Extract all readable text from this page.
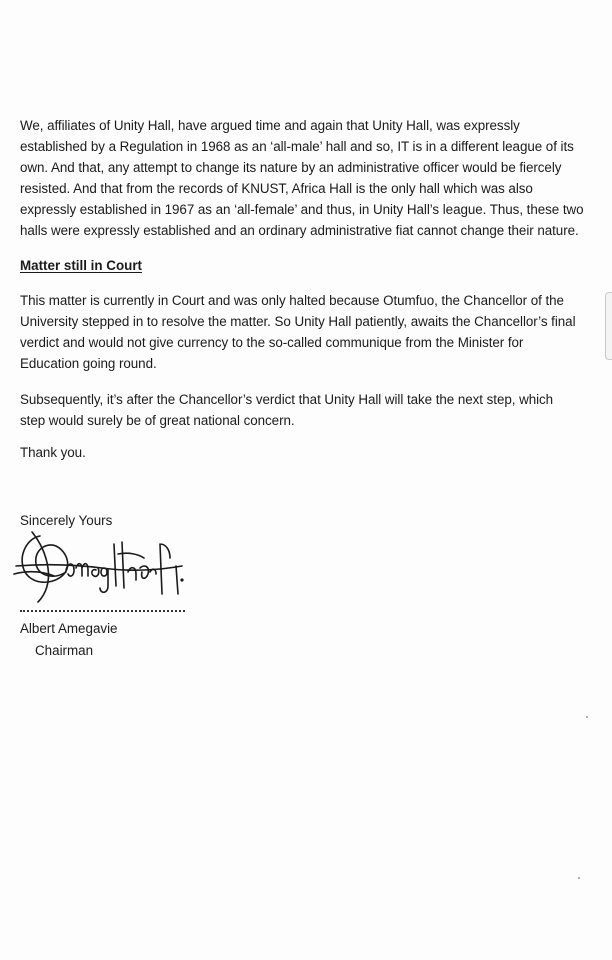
We, affiliates of Unity Hall, have argued time and again that Unity Hall, was expressly
established by a Regulation in 1968 as an ‘all-male’ hall and so, IT is in a different league of its
own. And that, any attempt to change its nature by an administrative officer would be fiercely
resisted. And that from the records of KNUST, Africa Hall is the only hall which was also
expressly established in 1967 as an ‘all-female’ and thus, in Unity Hall’s league. Thus, these two
halls were expressly established and an ordinary administrative fiat cannot change their nature.

Matter still in Court

This matter is currently in Court and was only halted because Otumfuo, the Chancellor of the
University stepped in to resolve the matter. So Unity Hall patiently, awaits the Chancellor’s final
verdict and would not give currency to the so-called communique from the Minister for
Education going round.

Subsequently, it’s after the Chancellor’s verdict that Unity Hall will take the next step, which
step would surely be of great national concern.

Thank you.

Sincerely Yours
Albert Amegavie
Chairman
